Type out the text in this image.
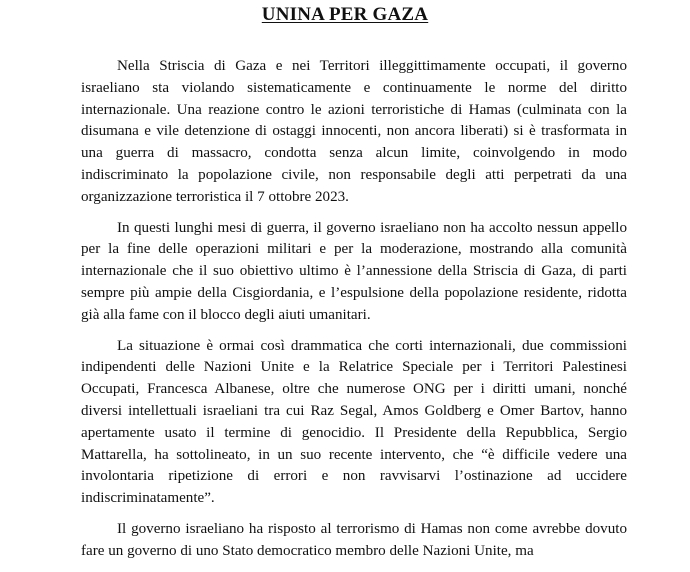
UNINA PER GAZA

Nella Striscia di Gaza e nei Territori illeggittimamente occupati, il governo israeliano sta violando sistematicamente e continuamente le norme del diritto internazionale. Una reazione contro le azioni terroristiche di Hamas (culminata con la disumana e vile detenzione di ostaggi innocenti, non ancora liberati) si è trasformata in una guerra di massacro, condotta senza alcun limite, coinvolgendo in modo indiscriminato la popolazione civile, non responsabile degli atti perpetrati da una organizzazione terroristica il 7 ottobre 2023.

In questi lunghi mesi di guerra, il governo israeliano non ha accolto nessun appello per la fine delle operazioni militari e per la moderazione, mostrando alla comunità internazionale che il suo obiettivo ultimo è l’annessione della Striscia di Gaza, di parti sempre più ampie della Cisgiordania, e l’espulsione della popolazione residente, ridotta già alla fame con il blocco degli aiuti umanitari.

La situazione è ormai così drammatica che corti internazionali, due commissioni indipendenti delle Nazioni Unite e la Relatrice Speciale per i Territori Palestinesi Occupati, Francesca Albanese, oltre che numerose ONG per i diritti umani, nonché diversi intellettuali israeliani tra cui Raz Segal, Amos Goldberg e Omer Bartov, hanno apertamente usato il termine di genocidio. Il Presidente della Repubblica, Sergio Mattarella, ha sottolineato, in un suo recente intervento, che “è difficile vedere una involontaria ripetizione di errori e non ravvisarvi l’ostinazione ad uccidere indiscriminatamente”.

Il governo israeliano ha risposto al terrorismo di Hamas non come avrebbe dovuto fare un governo di uno Stato democratico membro delle Nazioni Unite, ma
